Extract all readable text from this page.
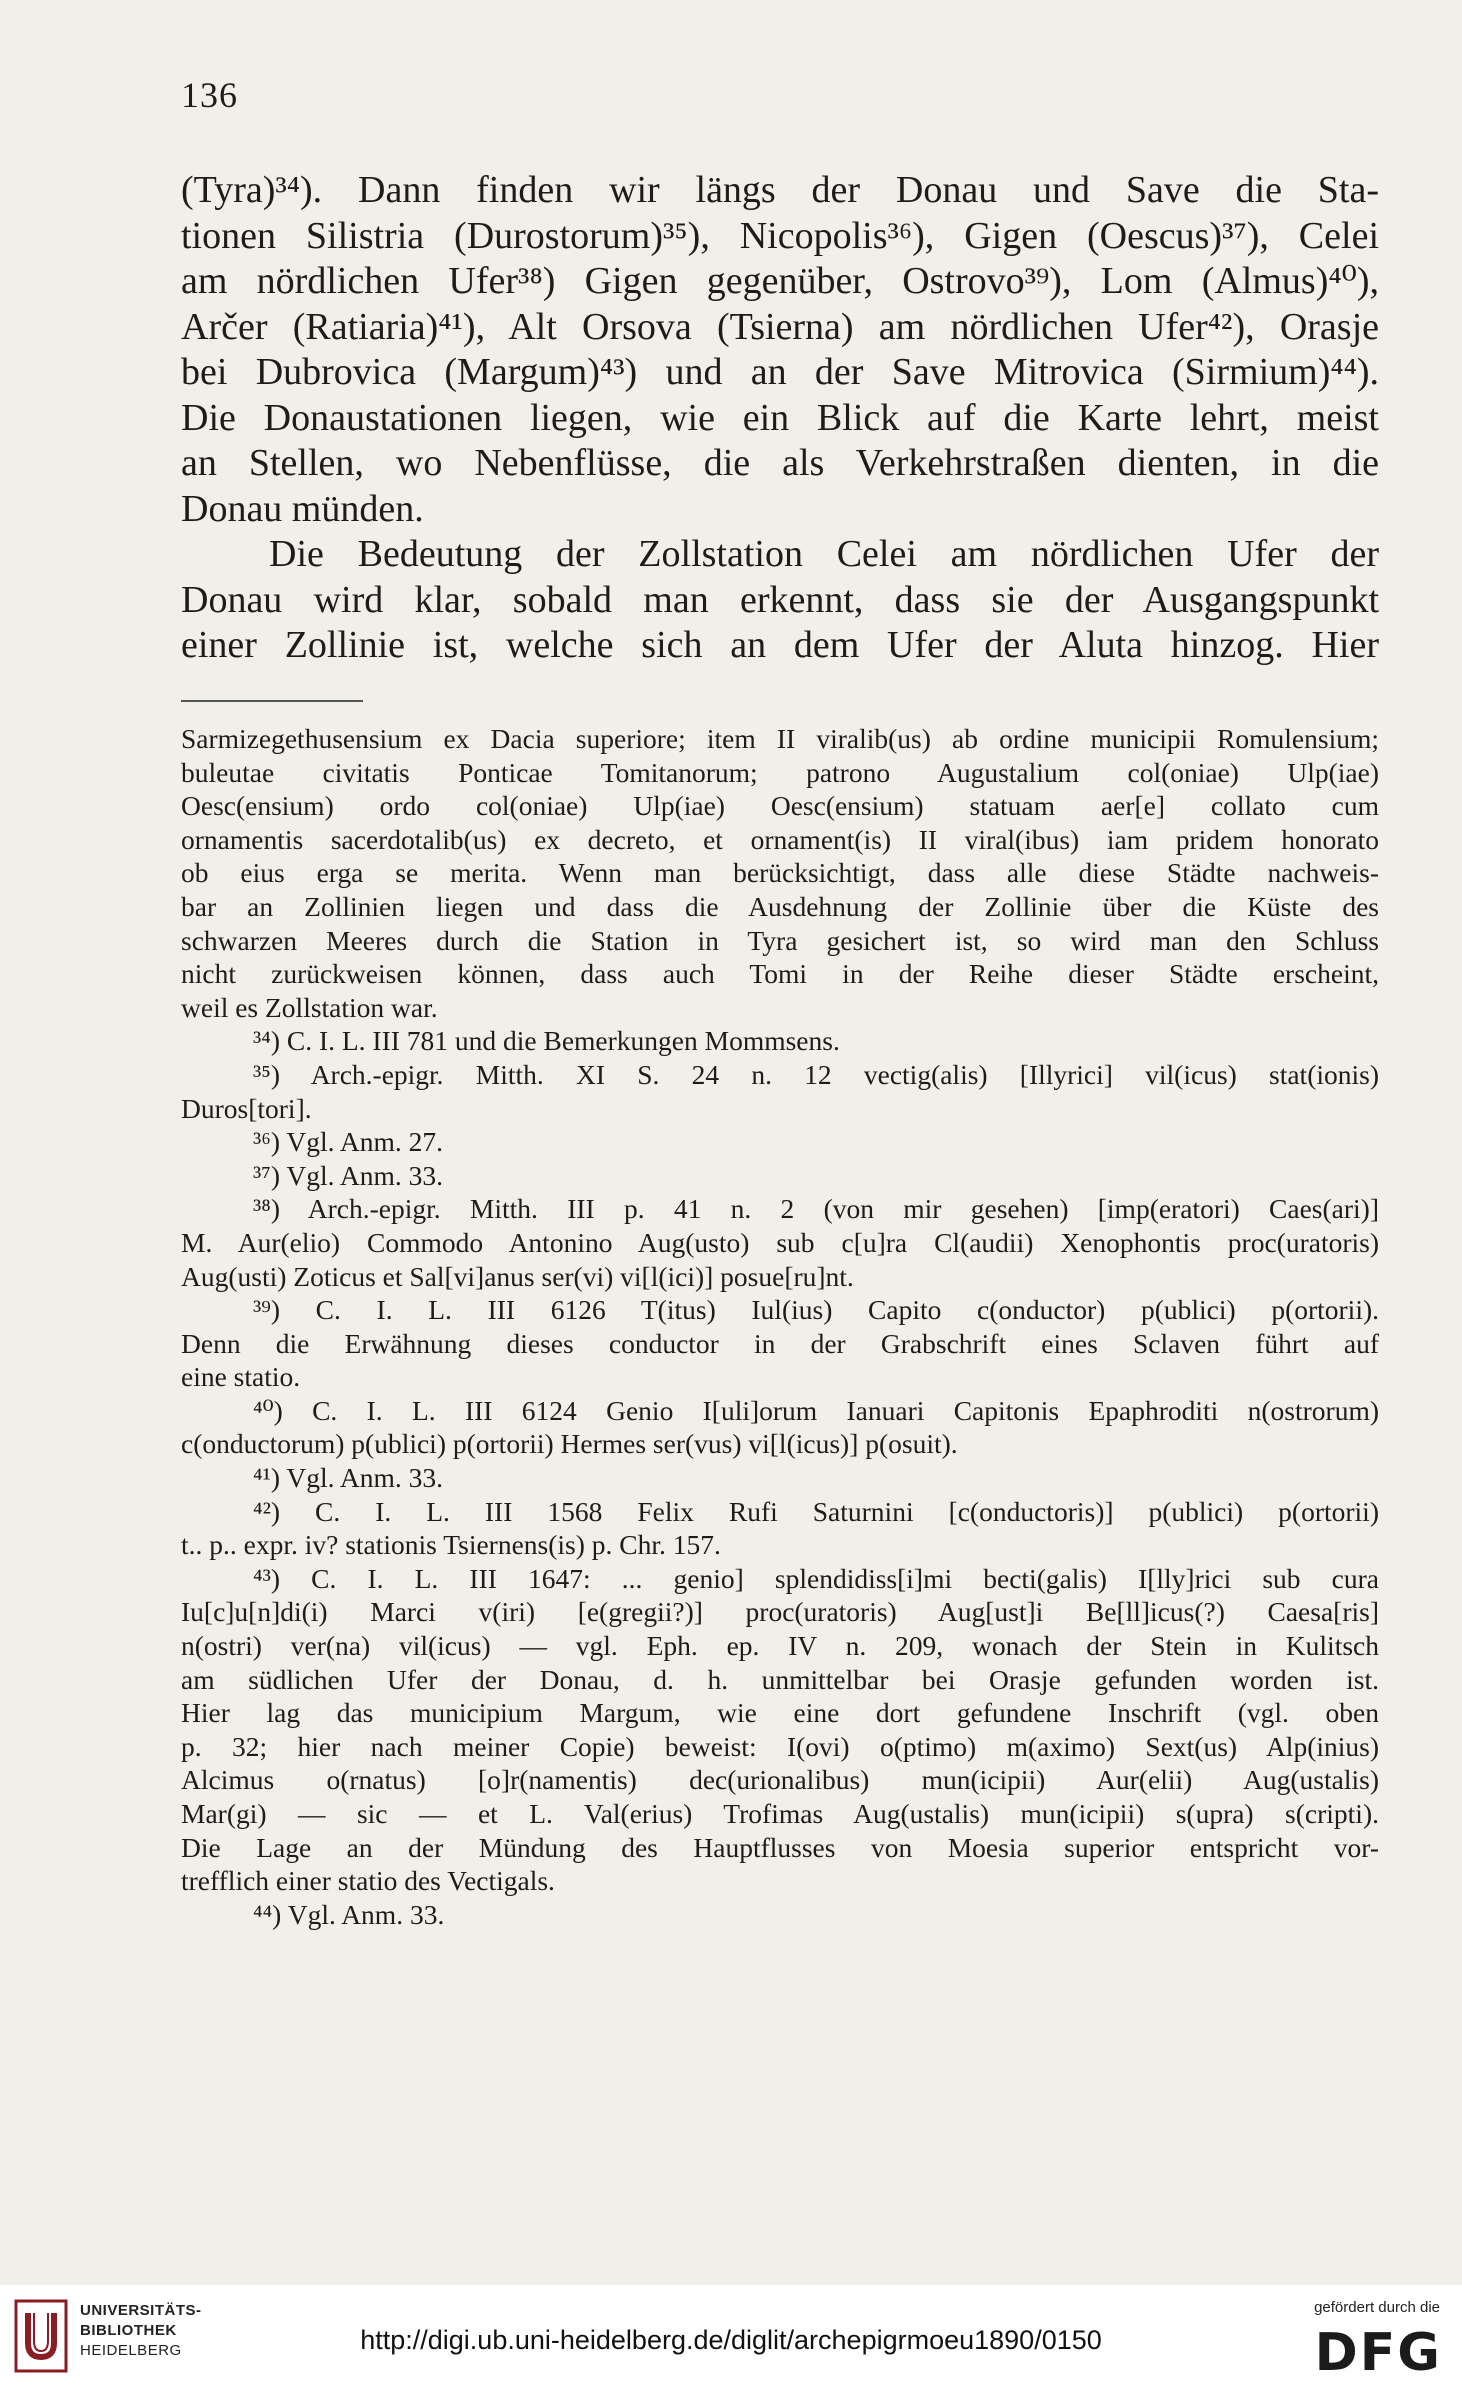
136
(Tyra)³⁴). Dann finden wir längs der Donau und Save die Sta-
tionen Silistria (Durostorum)³⁵), Nicopolis³⁶), Gigen (Oescus)³⁷), Celei
am nördlichen Ufer³⁸) Gigen gegenüber, Ostrovo³⁹), Lom (Almus)⁴⁰),
Arčer (Ratiaria)⁴¹), Alt Orsova (Tsierna) am nördlichen Ufer⁴²), Orasje
bei Dubrovica (Margum)⁴³) und an der Save Mitrovica (Sirmium)⁴⁴).
Die Donaustationen liegen, wie ein Blick auf die Karte lehrt, meist
an Stellen, wo Nebenflüsse, die als Verkehrstraßen dienten, in die
Donau münden.
Die Bedeutung der Zollstation Celei am nördlichen Ufer der
Donau wird klar, sobald man erkennt, dass sie der Ausgangspunkt
einer Zollinie ist, welche sich an dem Ufer der Aluta hinzog. Hier
Sarmizegethusensium ex Dacia superiore; item II viralib(us) ab ordine municipii Romulensium;
buleutae civitatis Ponticae Tomitanorum; patrono Augustalium col(oniae) Ulp(iae)
Oesc(ensium) ordo col(oniae) Ulp(iae) Oesc(ensium) statuam aer[e] collato cum
ornamentis sacerdotalib(us) ex decreto, et ornament(is) II viral(ibus) iam pridem honorato
ob eius erga se merita. Wenn man berücksichtigt, dass alle diese Städte nachweis-
bar an Zollinien liegen und dass die Ausdehnung der Zollinie über die Küste des
schwarzen Meeres durch die Station in Tyra gesichert ist, so wird man den Schluss
nicht zurückweisen können, dass auch Tomi in der Reihe dieser Städte erscheint,
weil es Zollstation war.
³⁴) C. I. L. III 781 und die Bemerkungen Mommsens.
³⁵) Arch.-epigr. Mitth. XI S. 24 n. 12 vectig(alis) [Illyrici] vil(icus) stat(ionis)
Duros[tori].
³⁶) Vgl. Anm. 27.
³⁷) Vgl. Anm. 33.
³⁸) Arch.-epigr. Mitth. III p. 41 n. 2 (von mir gesehen) [imp(eratori) Caes(ari)]
M. Aur(elio) Commodo Antonino Aug(usto) sub c[u]ra Cl(audii) Xenophontis proc(uratoris)
Aug(usti) Zoticus et Sal[vi]anus ser(vi) vi[l(ici)] posue[ru]nt.
³⁹) C. I. L. III 6126 T(itus) Iul(ius) Capito c(onductor) p(ublici) p(ortorii).
Denn die Erwähnung dieses conductor in der Grabschrift eines Sclaven führt auf
eine statio.
⁴⁰) C. I. L. III 6124 Genio I[uli]orum Ianuari Capitonis Epaphroditi n(ostrorum)
c(onductorum) p(ublici) p(ortorii) Hermes ser(vus) vi[l(icus)] p(osuit).
⁴¹) Vgl. Anm. 33.
⁴²) C. I. L. III 1568 Felix Rufi Saturnini [c(onductoris)] p(ublici) p(ortorii)
t.. p.. expr. iv? stationis Tsiernens(is) p. Chr. 157.
⁴³) C. I. L. III 1647: ... genio] splendidiss[i]mi becti(galis) I[lly]rici sub cura
Iu[c]u[n]di(i) Marci v(iri) [e(gregii?)] proc(uratoris) Aug[ust]i Be[ll]icus(?) Caesa[ris]
n(ostri) ver(na) vil(icus) — vgl. Eph. ep. IV n. 209, wonach der Stein in Kulitsch
am südlichen Ufer der Donau, d. h. unmittelbar bei Orasje gefunden worden ist.
Hier lag das municipium Margum, wie eine dort gefundene Inschrift (vgl. oben
p. 32; hier nach meiner Copie) beweist: I(ovi) o(ptimo) m(aximo) Sext(us) Alp(inius)
Alcimus o(rnatus) [o]r(namentis) dec(urionalibus) mun(icipii) Aur(elii) Aug(ustalis)
Mar(gi) — sic — et L. Val(erius) Trofimas Aug(ustalis) mun(icipii) s(upra) s(cripti).
Die Lage an der Mündung des Hauptflusses von Moesia superior entspricht vor-
trefflich einer statio des Vectigals.
⁴⁴) Vgl. Anm. 33.
UNIVERSITÄTS-
BIBLIOTHEK
HEIDELBERG	http://digi.ub.uni-heidelberg.de/diglit/archepigrmoeu1890/0150
gefördert durch die
DFG
